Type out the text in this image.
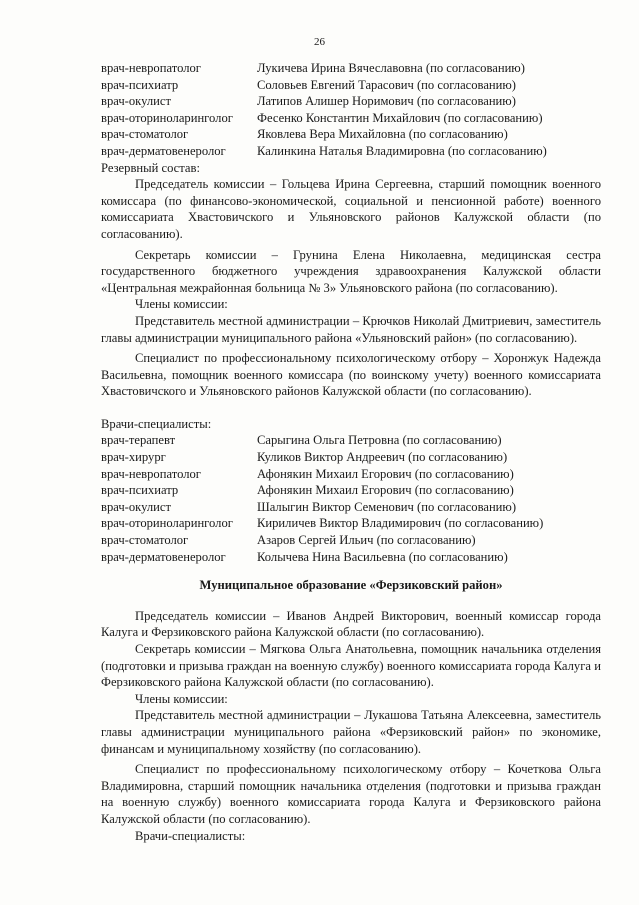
26
врач-невропатолог	Лукичева Ирина Вячеславовна (по согласованию)
врач-психиатр	Соловьев Евгений Тарасович (по согласованию)
врач-окулист	Латипов Алишер Норимович (по согласованию)
врач-оториноларинголог	Фесенко Константин Михайлович (по согласованию)
врач-стоматолог	Яковлева Вера Михайловна (по согласованию)
врач-дерматовенеролог	Калинкина Наталья Владимировна (по согласованию)
Резервный состав:
Председатель комиссии – Гольцева Ирина Сергеевна, старший помощник военного комиссара (по финансово-экономической, социальной и пенсионной работе) военного комиссариата Хвастовичского и Ульяновского районов Калужской области (по согласованию).
Секретарь комиссии – Грунина Елена Николаевна, медицинская сестра государственного бюджетного учреждения здравоохранения Калужской области «Центральная межрайонная больница № 3» Ульяновского района (по согласованию).
Члены комиссии:
Представитель местной администрации – Крючков Николай Дмитриевич, заместитель главы администрации муниципального района «Ульяновский район» (по согласованию).
Специалист по профессиональному психологическому отбору – Хоронжук Надежда Васильевна, помощник военного комиссара (по воинскому учету) военного комиссариата Хвастовичского и Ульяновского районов Калужской области (по согласованию).
Врачи-специалисты:
врач-терапевт	Сарыгина Ольга Петровна (по согласованию)
врач-хирург	Куликов Виктор Андреевич (по согласованию)
врач-невропатолог	Афонякин Михаил Егорович (по согласованию)
врач-психиатр	Афонякин Михаил Егорович (по согласованию)
врач-окулист	Шалыгин Виктор Семенович (по согласованию)
врач-оториноларинголог	Кириличев Виктор Владимирович (по согласованию)
врач-стоматолог	Азаров Сергей Ильич (по согласованию)
врач-дерматовенеролог	Колычева Нина Васильевна (по согласованию)
Муниципальное образование «Ферзиковский район»
Председатель комиссии – Иванов Андрей Викторович, военный комиссар города Калуга и Ферзиковского района Калужской области (по согласованию).
Секретарь комиссии – Мягкова Ольга Анатольевна, помощник начальника отделения (подготовки и призыва граждан на военную службу) военного комиссариата города Калуга и Ферзиковского района Калужской области (по согласованию).
Члены комиссии:
Представитель местной администрации – Лукашова Татьяна Алексеевна, заместитель главы администрации муниципального района «Ферзиковский район» по экономике, финансам и муниципальному хозяйству (по согласованию).
Специалист по профессиональному психологическому отбору – Кочеткова Ольга Владимировна, старший помощник начальника отделения (подготовки и призыва граждан на военную службу) военного комиссариата города Калуга и Ферзиковского района Калужской области (по согласованию).
Врачи-специалисты:
